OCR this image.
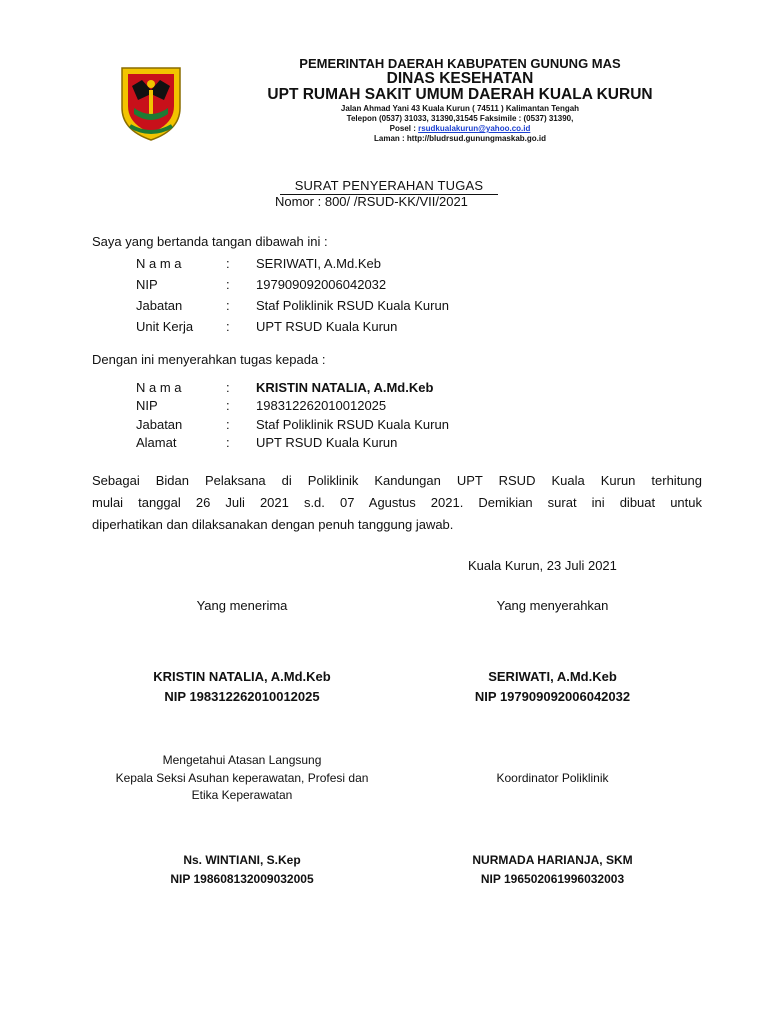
PEMERINTAH DAERAH KABUPATEN GUNUNG MAS
DINAS KESEHATAN
UPT RUMAH SAKIT UMUM DAERAH KUALA KURUN
Jalan Ahmad Yani 43 Kuala Kurun ( 74511 ) Kalimantan Tengah
Telepon (0537) 31033, 31390,31545 Faksimile : (0537) 31390,
Posel : rsudkualakurun@yahoo.co.id
Laman : http://bludrsud.gunungmaskab.go.id
SURAT PENYERAHAN TUGAS
Nomor : 800/ /RSUD-KK/VII/2021
Saya yang bertanda tangan dibawah ini :
N a m a	: SERIWATI, A.Md.Keb
NIP	: 197909092006042032
Jabatan	: Staf Poliklinik RSUD Kuala Kurun
Unit Kerja	: UPT RSUD Kuala Kurun
Dengan ini menyerahkan tugas kepada :
N a m a	: KRISTIN NATALIA, A.Md.Keb
NIP	: 198312262010012025
Jabatan	: Staf Poliklinik RSUD Kuala Kurun
Alamat	: UPT RSUD Kuala Kurun
Sebagai Bidan Pelaksana di Poliklinik Kandungan UPT RSUD Kuala Kurun terhitung
mulai tanggal 26 Juli 2021 s.d. 07 Agustus 2021. Demikian surat ini dibuat untuk
diperhatikan dan dilaksanakan dengan penuh tanggung jawab.
Kuala Kurun, 23 Juli 2021
Yang menerima	Yang menyerahkan
KRISTIN NATALIA, A.Md.Keb
NIP 198312262010012025
SERIWATI, A.Md.Keb
NIP 197909092006042032
Mengetahui Atasan Langsung
Kepala Seksi Asuhan keperawatan, Profesi dan
Etika Keperawatan
Koordinator Poliklinik
Ns. WINTIANI, S.Kep
NIP 198608132009032005
NURMADA HARIANJA, SKM
NIP 196502061996032003
